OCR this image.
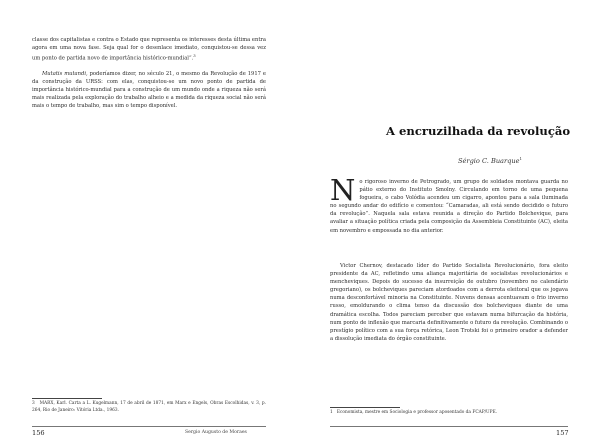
classe dos capitalistas e contra o Estado que representa os interesses desta última entra agora em uma nova fase. Seja qual for o desenlace imediato, conquistou-se dessa vez um ponto de partida novo de importância histórico-mundial”.$^3$

Mutatis mutandi, poderíamos dizer, no século 21, o mesmo da Revolução de 1917 e da construção da URSS: com elas, conquistou-se um novo ponto de partida de importância histórico-mundial para a construção de um mundo onde a riqueza não será mais realizada pela exploração do trabalho alheio e a medida da riqueza social não será mais o tempo de trabalho, mas sim o tempo disponível.

3 MARX, Karl. Carta a L. Kugelmann, 17 de abril de 1871, em Marx e Engels, Obras Escolhidas, v. 3, p. 264, Rio de Janeiro: Vitória Ltda., 1963.

156	Sergio Augusto de Moraes
A encruzilhada da revolução
Sérgio C. Buarque$^1$
No rigoroso inverno de Petrogrado, um grupo de soldados montava guarda no pátio externo do Instituto Smolny. Circulando em torno de uma pequena fogueira, o cabo Volódia acendeu um cigarro, apontou para a sala iluminada no segundo andar do edifício e comentou: “Camaradas, ali está sendo decidido o futuro da revolução”. Naquela sala estava reunida a direção do Partido Bolchevique, para avaliar a situação política criada pela composição da Assembleia Constituinte (AC), eleita em novembro e empossada no dia anterior.

Victor Chernov, destacado líder do Partido Socialista Revolucionário, fora eleito presidente da AC, refletindo uma aliança majoritária de socialistas revolucionários e mencheviques. Depois do sucesso da insurreição de outubro (novembro no calendário gregoriano), os bolcheviques pareciam atordoados com a derrota eleitoral que os jogava numa desconfortável minoria na Constituinte. Nuvens densas acentuavam o frio inverno russo, emoldurando o clima tenso da discussão dos bolcheviques diante de uma dramática escolha. Todos pareciam perceber que estavam numa bifurcação da história, num ponto de inflexão que marcaria definitivamente o futuro da revolução. Combinando o prestígio político com a sua força retórica, Leon Trotski foi o primeiro orador a defender a dissolução imediata do órgão constituinte.

1 Economista, mestre em Sociologia e professor aposentado da FCAP/UPE.

157
